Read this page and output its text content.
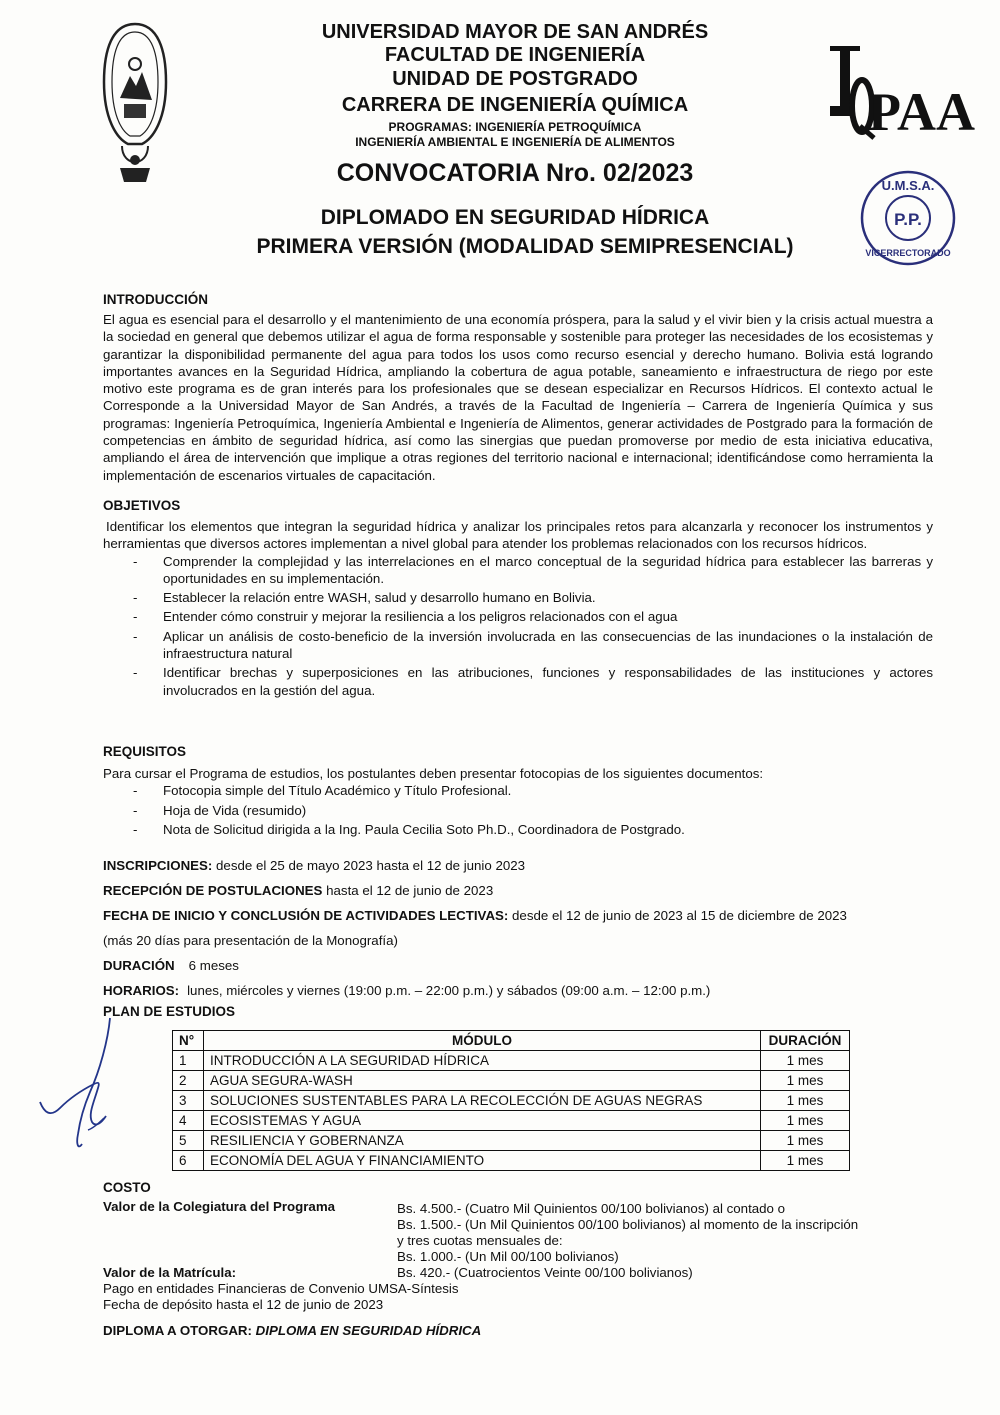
UNIVERSIDAD MAYOR DE SAN ANDRÉS
FACULTAD DE INGENIERÍA
UNIDAD DE POSTGRADO
CARRERA DE INGENIERÍA QUÍMICA
PROGRAMAS: INGENIERÍA PETROQUÍMICA
INGENIERÍA AMBIENTAL E INGENIERÍA DE ALIMENTOS
CONVOCATORIA Nro. 02/2023
DIPLOMADO EN SEGURIDAD HÍDRICA
PRIMERA VERSIÓN (MODALIDAD SEMIPRESENCIAL)
PAA
P.P.
U.M.S.A.
VICERRECTORADO
INTRODUCCIÓN
El agua es esencial para el desarrollo y el mantenimiento de una economía próspera, para la salud y el vivir bien y la crisis actual muestra a la sociedad en general que debemos utilizar el agua de forma responsable y sostenible para proteger las necesidades de los ecosistemas y garantizar la disponibilidad permanente del agua para todos los usos como recurso esencial y derecho humano. Bolivia está logrando importantes avances en la Seguridad Hídrica, ampliando la cobertura de agua potable, saneamiento e infraestructura de riego por este motivo este programa es de gran interés para los profesionales que se desean especializar en Recursos Hídricos. El contexto actual le Corresponde a la Universidad Mayor de San Andrés, a través de la Facultad de Ingeniería – Carrera de Ingeniería Química y sus programas: Ingeniería Petroquímica, Ingeniería Ambiental e Ingeniería de Alimentos, generar actividades de Postgrado para la formación de competencias en ámbito de seguridad hídrica, así como las sinergias que puedan promoverse por medio de esta iniciativa educativa, ampliando el área de intervención que implique a otras regiones del territorio nacional e internacional; identificándose como herramienta la implementación de escenarios virtuales de capacitación.
OBJETIVOS
Identificar los elementos que integran la seguridad hídrica y analizar los principales retos para alcanzarla y reconocer los instrumentos y herramientas que diversos actores implementan a nivel global para atender los problemas relacionados con los recursos hídricos.
- Comprender la complejidad y las interrelaciones en el marco conceptual de la seguridad hídrica para establecer las barreras y oportunidades en su implementación.
- Establecer la relación entre WASH, salud y desarrollo humano en Bolivia.
- Entender cómo construir y mejorar la resiliencia a los peligros relacionados con el agua
- Aplicar un análisis de costo-beneficio de la inversión involucrada en las consecuencias de las inundaciones o la instalación de infraestructura natural
- Identificar brechas y superposiciones en las atribuciones, funciones y responsabilidades de las instituciones y actores involucrados en la gestión del agua.
REQUISITOS
Para cursar el Programa de estudios, los postulantes deben presentar fotocopias de los siguientes documentos:
- Fotocopia simple del Título Académico y Título Profesional.
- Hoja de Vida (resumido)
- Nota de Solicitud dirigida a la Ing. Paula Cecilia Soto Ph.D., Coordinadora de Postgrado.
INSCRIPCIONES: desde el 25 de mayo 2023 hasta el 12 de junio 2023
RECEPCIÓN DE POSTULACIONES hasta el 12 de junio de 2023
FECHA DE INICIO Y CONCLUSIÓN DE ACTIVIDADES LECTIVAS: desde el 12 de junio de 2023 al 15 de diciembre de 2023
(más 20 días para presentación de la Monografía)
DURACIÓN 6 meses
HORARIOS: lunes, miércoles y viernes (19:00 p.m. – 22:00 p.m.) y sábados (09:00 a.m. – 12:00 p.m.)
PLAN DE ESTUDIOS
N°	MÓDULO	DURACIÓN
1	INTRODUCCIÓN A LA SEGURIDAD HÍDRICA	1 mes
2	AGUA SEGURA-WASH	1 mes
3	SOLUCIONES SUSTENTABLES PARA LA RECOLECCIÓN DE AGUAS NEGRAS	1 mes
4	ECOSISTEMAS Y AGUA	1 mes
5	RESILIENCIA Y GOBERNANZA	1 mes
6	ECONOMÍA DEL AGUA Y FINANCIAMIENTO	1 mes
COSTO
Valor de la Colegiatura del Programa	Bs. 4.500.- (Cuatro Mil Quinientos 00/100 bolivianos) al contado o
Bs. 1.500.- (Un Mil Quinientos 00/100 bolivianos) al momento de la inscripción
y tres cuotas mensuales de:
Bs. 1.000.- (Un Mil 00/100 bolivianos)
Valor de la Matrícula:	Bs. 420.- (Cuatrocientos Veinte 00/100 bolivianos)
Pago en entidades Financieras de Convenio UMSA-Síntesis
Fecha de depósito hasta el 12 de junio de 2023
DIPLOMA A OTORGAR: DIPLOMA EN SEGURIDAD HÍDRICA
